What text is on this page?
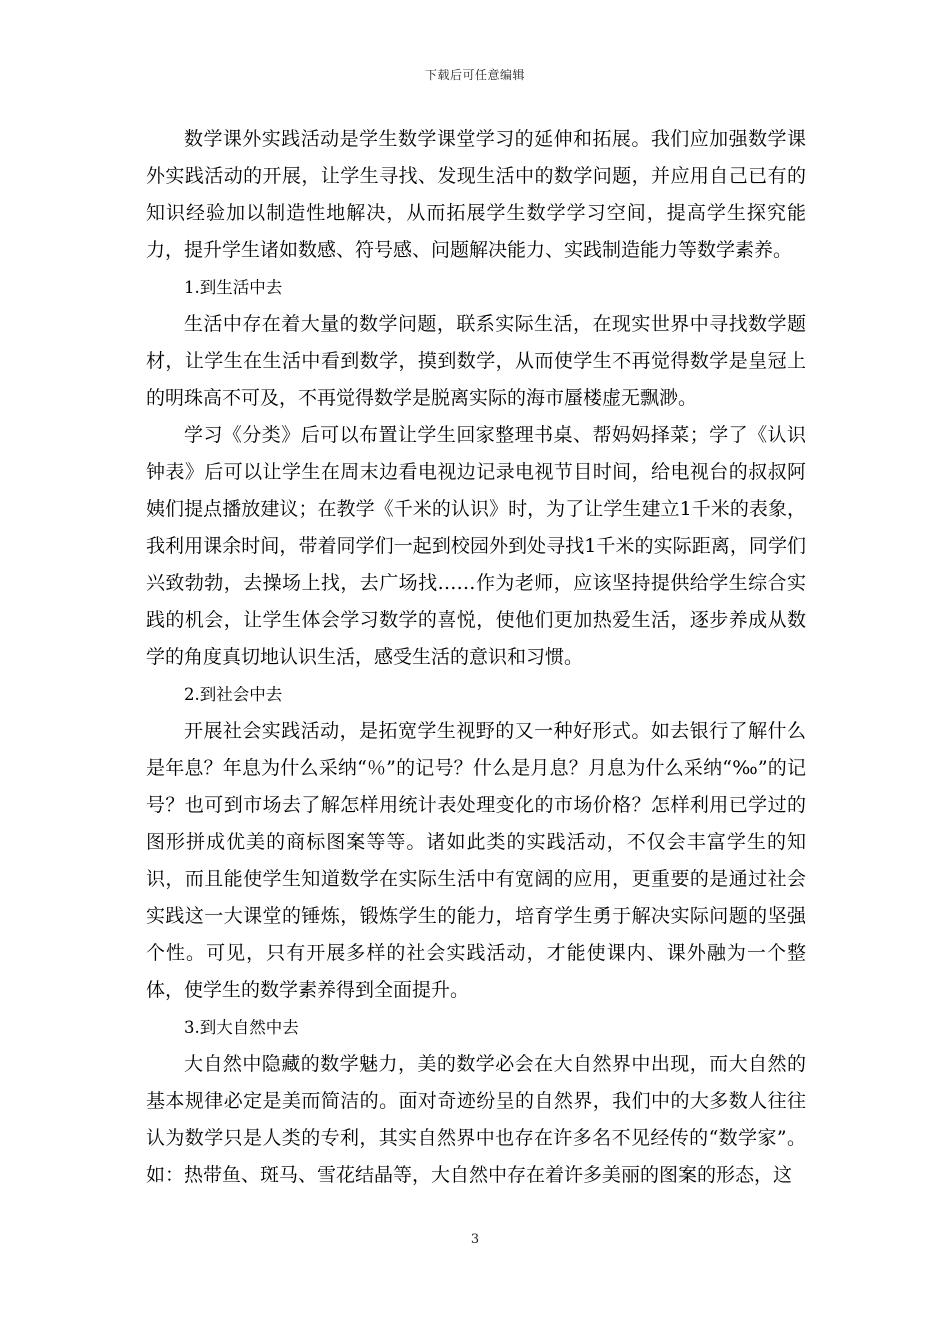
下载后可任意编辑

数学课外实践活动是学生数学课堂学习的延伸和拓展。我们应加强数学课外实践活动的开展，让学生寻找、发现生活中的数学问题，并应用自己已有的知识经验加以制造性地解决，从而拓展学生数学学习空间，提高学生探究能力，提升学生诸如数感、符号感、问题解决能力、实践制造能力等数学素养。

1.到生活中去

生活中存在着大量的数学问题，联系实际生活，在现实世界中寻找数学题材，让学生在生活中看到数学，摸到数学，从而使学生不再觉得数学是皇冠上的明珠高不可及，不再觉得数学是脱离实际的海市蜃楼虚无飘渺。

学习《分类》后可以布置让学生回家整理书桌、帮妈妈择菜；学了《认识钟表》后可以让学生在周末边看电视边记录电视节目时间，给电视台的叔叔阿姨们提点播放建议；在教学《千米的认识》时，为了让学生建立1千米的表象，我利用课余时间，带着同学们一起到校园外到处寻找1千米的实际距离，同学们兴致勃勃，去操场上找，去广场找……作为老师，应该坚持提供给学生综合实践的机会，让学生体会学习数学的喜悦，使他们更加热爱生活，逐步养成从数学的角度真切地认识生活，感受生活的意识和习惯。

2.到社会中去

开展社会实践活动，是拓宽学生视野的又一种好形式。如去银行了解什么是年息？年息为什么采纳“％”的记号？什么是月息？月息为什么采纳“‰”的记号？也可到市场去了解怎样用统计表处理变化的市场价格？怎样利用已学过的图形拼成优美的商标图案等等。诸如此类的实践活动，不仅会丰富学生的知识，而且能使学生知道数学在实际生活中有宽阔的应用，更重要的是通过社会实践这一大课堂的锤炼，锻炼学生的能力，培育学生勇于解决实际问题的坚强个性。可见，只有开展多样的社会实践活动，才能使课内、课外融为一个整体，使学生的数学素养得到全面提升。

3.到大自然中去

大自然中隐藏的数学魅力，美的数学必会在大自然界中出现，而大自然的基本规律必定是美而简洁的。面对奇迹纷呈的自然界，我们中的大多数人往往认为数学只是人类的专利，其实自然界中也存在许多名不见经传的“数学家”。如：热带鱼、斑马、雪花结晶等，大自然中存在着许多美丽的图案的形态，这

3
